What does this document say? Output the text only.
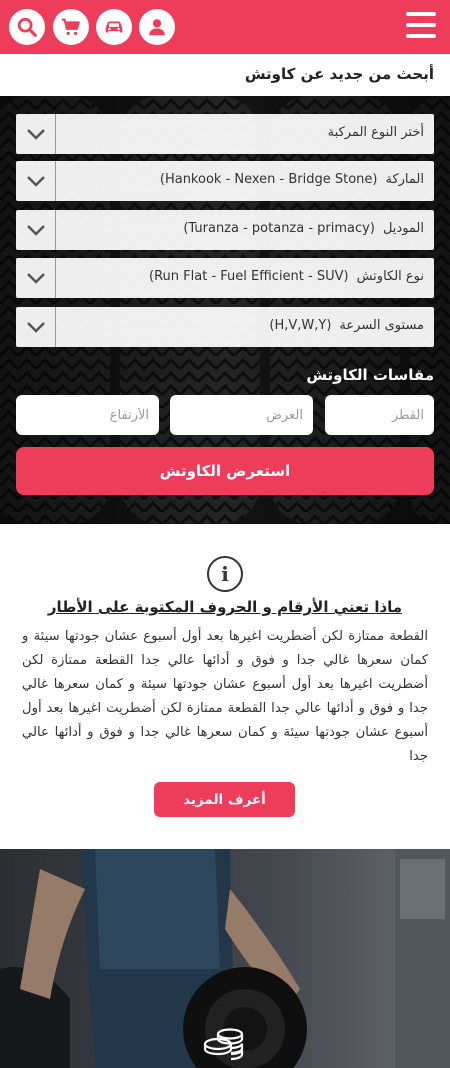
أبحث من جديد عن كاوتش
أختر النوع المركبة
الماركة(Hankook - Nexen - Bridge Stone)
الموديل(Turanza - potanza - primacy)
نوع الكاوتش(Run Flat - Fuel Efficient - SUV)
مستوى السرعة(H,V,W,Y)
مقاسات الكاوتش
القطر
العرض
الأرتفاع
استعرض الكاوتش
i
ماذا تعني الأرقام و الحروف المكتوبة على الأطار
القطعة ممتازة لكن أضطريت اغيرها بعد أول أسبوع عشان جودتها سيئة و كمان سعرها غالي جدا و فوق و أدائها عالي جدا القطعة ممتازة لكن أضطريت اغيرها بعد أول أسبوع عشان جودتها سيئة و كمان سعرها غالي جدا و فوق و أدائها عالي جدا القطعة ممتازة لكن أضطريت اغيرها بعد أول أسبوع عشان جودتها سيئة و كمان سعرها غالي جدا و فوق و أدائها عالي جدا
أعرف المزيد
